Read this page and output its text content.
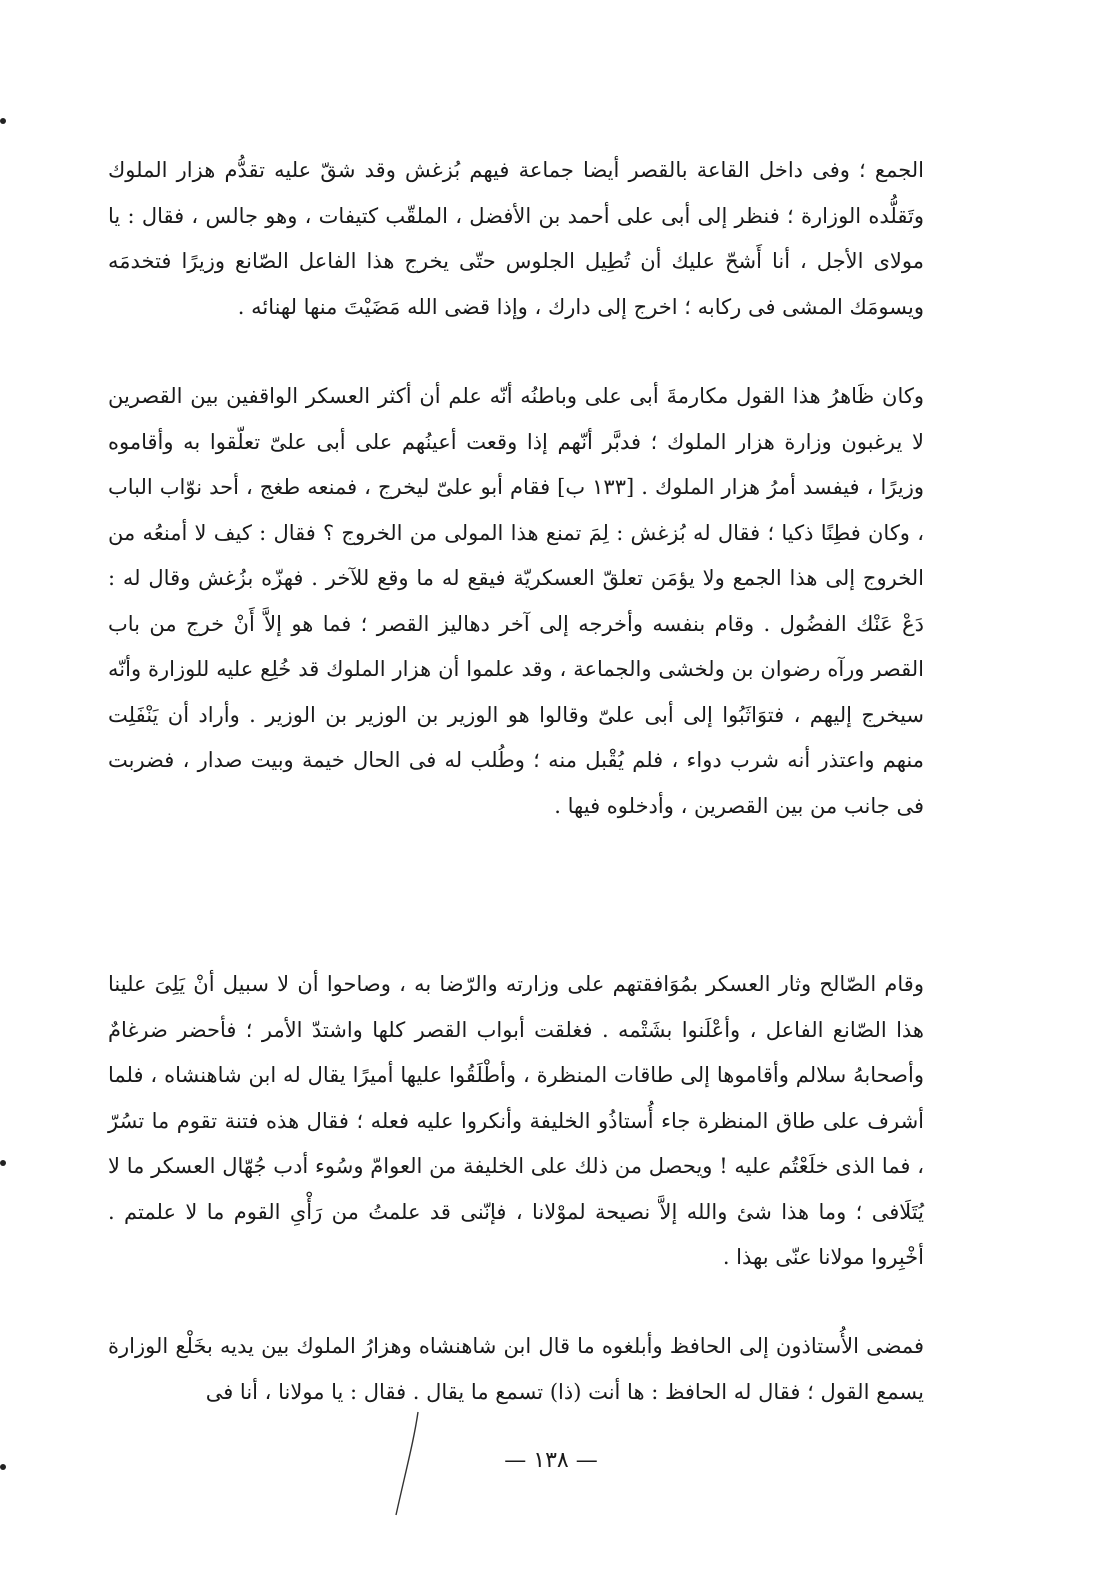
الجمع ؛ وفى داخل القاعة بالقصر أيضا جماعة فيهم بُزغش وقد شقّ عليه تقدُّم هزار الملوك وتَقلُّده الوزارة ؛ فنظر إلى أبى على أحمد بن الأفضل ، الملقّب كتيفات ، وهو جالس ، فقال : يا مولاى الأجل ، أنا أَشحّ عليك أن تُطِيل الجلوس حتّى يخرج هذا الفاعل الصّانع وزيرًا فتخدمَه ويسومَك المشى فى ركابه ؛ اخرج إلى دارك ، وإذا قضى الله مَضَيْتَ منها لهنائه .

وكان ظَاهرُ هذا القول مكارمةَ أبى على وباطنُه أنّه علم أن أكثر العسكر الواقفين بين القصرين لا يرغبون وزارة هزار الملوك ؛ فدبَّر أنّهم إذا وقعت أعينُهم على أبى علىّ تعلّقوا به وأقاموه وزيرًا ، فيفسد أمرُ هزار الملوك . [١٣٣ ب] فقام أبو علىّ ليخرج ، فمنعه طغج ، أحد نوّاب الباب ، وكان فطِنًا ذكيا ؛ فقال له بُزغش : لِمَ تمنع هذا المولى من الخروج ؟ فقال : كيف لا أمنعُه من الخروج إلى هذا الجمع ولا يؤمَن تعلقّ العسكريّة فيقع له ما وقع للآخر . فهزّه بزُغش وقال له : دَعْ عَنْك الفضُول . وقام بنفسه وأخرجه إلى آخر دهاليز القصر ؛ فما هو إلاَّ أَنْ خرج من باب القصر ورآه رضوان بن ولخشى والجماعة ، وقد علموا أن هزار الملوك قد خُلِع عليه للوزارة وأنّه سيخرج إليهم ، فتوَاثَبُوا إلى أبى علىّ وقالوا هو الوزير بن الوزير بن الوزير . وأراد أن يَنْفَلِت منهم واعتذر أنه شرب دواء ، فلم يُقْبل منه ؛ وطُلب له فى الحال خيمة وبيت صدار ، فضربت فى جانب من بين القصرين ، وأدخلوه فيها .

وقام الصّالح وثار العسكر بمُوَافقتهم على وزارته والرّضا به ، وصاحوا أن لا سبيل أنْ يَلِىَ علينا هذا الصّانع الفاعل ، وأعْلَنوا بشَتْمه . فغلقت أبواب القصر كلها واشتدّ الأمر ؛ فأحضر ضرغامٌ وأصحابهُ سلالم وأقاموها إلى طاقات المنظرة ، وأطْلَقُوا عليها أميرًا يقال له ابن شاهنشاه ، فلما أشرف على طاق المنظرة جاء أُستاذُو الخليفة وأنكروا عليه فعله ؛ فقال هذه فتنة تقوم ما تسُرّ ، فما الذى خلَعْتُم عليه ! ويحصل من ذلك على الخليفة من العوامّ وسُوء أدب جُهّال العسكر ما لا يُتَلَافى ؛ وما هذا شئ والله إلاَّ نصيحة لموْلانا ، فإنّنى قد علمتُ من رَأْىِ القوم ما لا علمتم . أخْبِروا مولانا عنّى بهذا .

فمضى الأُستاذون إلى الحافظ وأبلغوه ما قال ابن شاهنشاه وهزارُ الملوك بين يديه بخَلْع الوزارة يسمع القول ؛ فقال له الحافظ : ها أنت (ذا) تسمع ما يقال . فقال : يا مولانا ، أنا فى

— ١٣٨ —
